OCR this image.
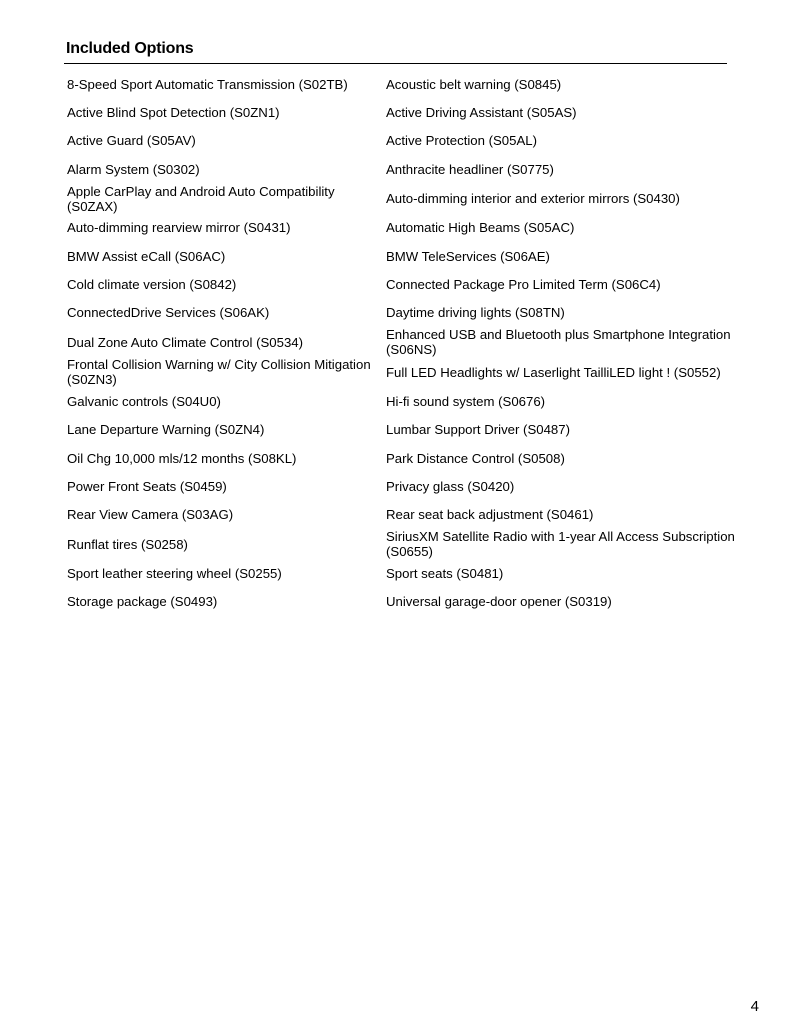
Included Options
8-Speed Sport Automatic Transmission (S02TB)	Acoustic belt warning (S0845)
Active Blind Spot Detection (S0ZN1)	Active Driving Assistant (S05AS)
Active Guard (S05AV)	Active Protection (S05AL)
Alarm System (S0302)	Anthracite headliner (S0775)
Apple CarPlay and Android Auto Compatibility (S0ZAX)	Auto-dimming interior and exterior mirrors (S0430)
Auto-dimming rearview mirror (S0431)	Automatic High Beams (S05AC)
BMW Assist eCall (S06AC)	BMW TeleServices (S06AE)
Cold climate version (S0842)	Connected Package Pro Limited Term (S06C4)
ConnectedDrive Services (S06AK)	Daytime driving lights (S08TN)
Dual Zone Auto Climate Control (S0534)	Enhanced USB and Bluetooth plus Smartphone Integration (S06NS)
Frontal Collision Warning w/ City Collision Mitigation (S0ZN3)	Full LED Headlights w/ Laserlight TailliLED light ! (S0552)
Galvanic controls (S04U0)	Hi-fi sound system (S0676)
Lane Departure Warning (S0ZN4)	Lumbar Support Driver (S0487)
Oil Chg 10,000 mls/12 months (S08KL)	Park Distance Control (S0508)
Power Front Seats (S0459)	Privacy glass (S0420)
Rear View Camera (S03AG)	Rear seat back adjustment (S0461)
Runflat tires (S0258)	SiriusXM Satellite Radio with 1-year All Access Subscription (S0655)
Sport leather steering wheel (S0255)	Sport seats (S0481)
Storage package (S0493)	Universal garage-door opener (S0319)
4
